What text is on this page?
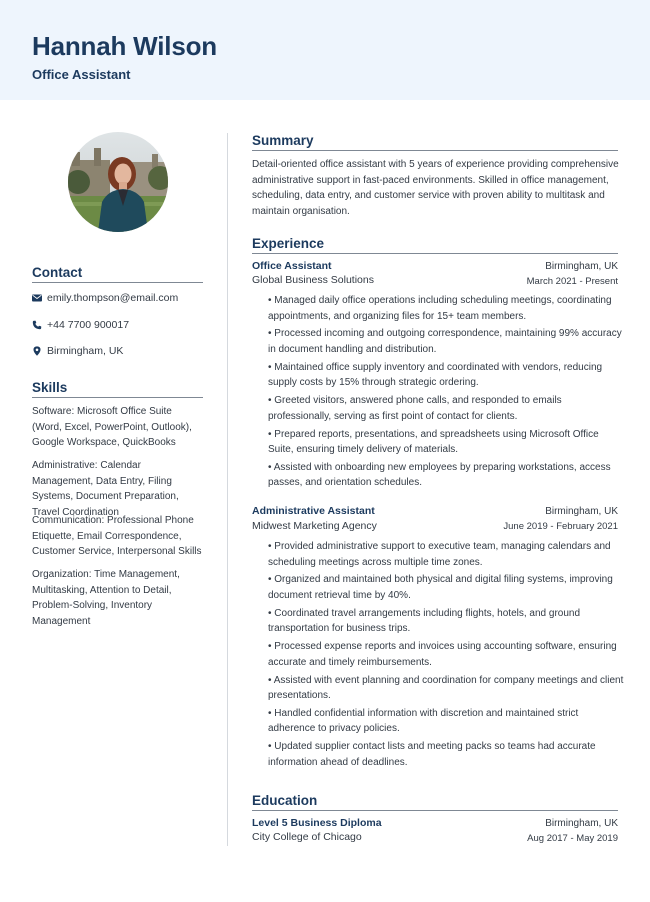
Hannah Wilson
Office Assistant
Contact
emily.thompson@email.com
+44 7700 900017
Birmingham, UK
Skills
Software: Microsoft Office Suite (Word, Excel, PowerPoint, Outlook), Google Workspace, QuickBooks
Administrative: Calendar Management, Data Entry, Filing Systems, Document Preparation, Travel Coordination
Communication: Professional Phone Etiquette, Email Correspondence, Customer Service, Interpersonal Skills
Organization: Time Management, Multitasking, Attention to Detail, Problem-Solving, Inventory Management
Summary
Detail-oriented office assistant with 5 years of experience providing comprehensive administrative support in fast-paced environments. Skilled in office management, scheduling, data entry, and customer service with proven ability to multitask and maintain organisation.
Experience
Office Assistant	Birmingham, UK
Global Business Solutions	March 2021 - Present
• Managed daily office operations including scheduling meetings, coordinating appointments, and organizing files for 15+ team members.
• Processed incoming and outgoing correspondence, maintaining 99% accuracy in document handling and distribution.
• Maintained office supply inventory and coordinated with vendors, reducing supply costs by 15% through strategic ordering.
• Greeted visitors, answered phone calls, and responded to emails professionally, serving as first point of contact for clients.
• Prepared reports, presentations, and spreadsheets using Microsoft Office Suite, ensuring timely delivery of materials.
• Assisted with onboarding new employees by preparing workstations, access passes, and orientation schedules.
Administrative Assistant	Birmingham, UK
Midwest Marketing Agency	June 2019 - February 2021
• Provided administrative support to executive team, managing calendars and scheduling meetings across multiple time zones.
• Organized and maintained both physical and digital filing systems, improving document retrieval time by 40%.
• Coordinated travel arrangements including flights, hotels, and ground transportation for business trips.
• Processed expense reports and invoices using accounting software, ensuring accurate and timely reimbursements.
• Assisted with event planning and coordination for company meetings and client presentations.
• Handled confidential information with discretion and maintained strict adherence to privacy policies.
• Updated supplier contact lists and meeting packs so teams had accurate information ahead of deadlines.
Education
Level 5 Business Diploma	Birmingham, UK
City College of Chicago	Aug 2017 - May 2019
